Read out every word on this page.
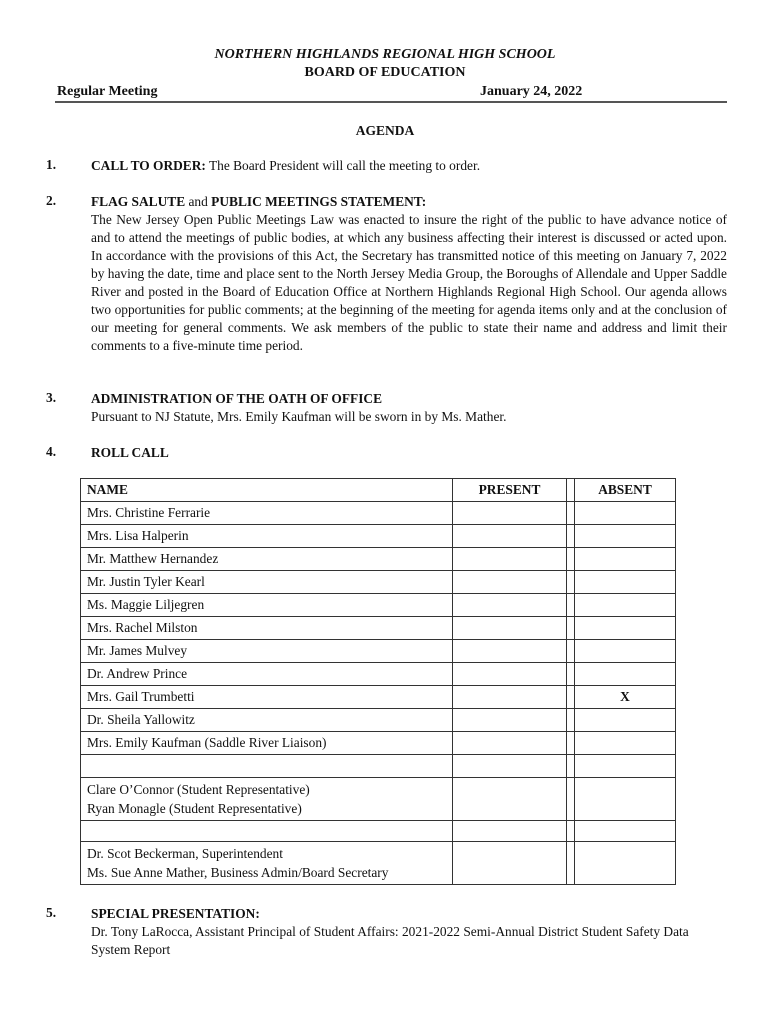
NORTHERN HIGHLANDS REGIONAL HIGH SCHOOL
BOARD OF EDUCATION
Regular Meeting	January 24, 2022
AGENDA
1.	CALL TO ORDER: The Board President will call the meeting to order.
2.	FLAG SALUTE and PUBLIC MEETINGS STATEMENT:
The New Jersey Open Public Meetings Law was enacted to insure the right of the public to have advance notice of and to attend the meetings of public bodies, at which any business affecting their interest is discussed or acted upon. In accordance with the provisions of this Act, the Secretary has transmitted notice of this meeting on January 7, 2022 by having the date, time and place sent to the North Jersey Media Group, the Boroughs of Allendale and Upper Saddle River and posted in the Board of Education Office at Northern Highlands Regional High School. Our agenda allows two opportunities for public comments; at the beginning of the meeting for agenda items only and at the conclusion of our meeting for general comments. We ask members of the public to state their name and address and limit their comments to a five-minute time period.
3.	ADMINISTRATION OF THE OATH OF OFFICE
Pursuant to NJ Statute, Mrs. Emily Kaufman will be sworn in by Ms. Mather.
4.	ROLL CALL
NAME	PRESENT		ABSENT
Mrs. Christine Ferrarie			
Mrs. Lisa Halperin			
Mr. Matthew Hernandez			
Mr. Justin Tyler Kearl			
Ms. Maggie Liljegren			
Mrs. Rachel Milston			
Mr. James Mulvey			
Dr. Andrew Prince			
Mrs. Gail Trumbetti			X
Dr. Sheila Yallowitz			
Mrs. Emily Kaufman (Saddle River Liaison)			

Clare O’Connor (Student Representative)
Ryan Monagle (Student Representative)			

Dr. Scot Beckerman, Superintendent
Ms. Sue Anne Mather, Business Admin/Board Secretary			

5.	SPECIAL PRESENTATION:
Dr. Tony LaRocca, Assistant Principal of Student Affairs: 2021-2022 Semi-Annual District Student Safety Data System Report
